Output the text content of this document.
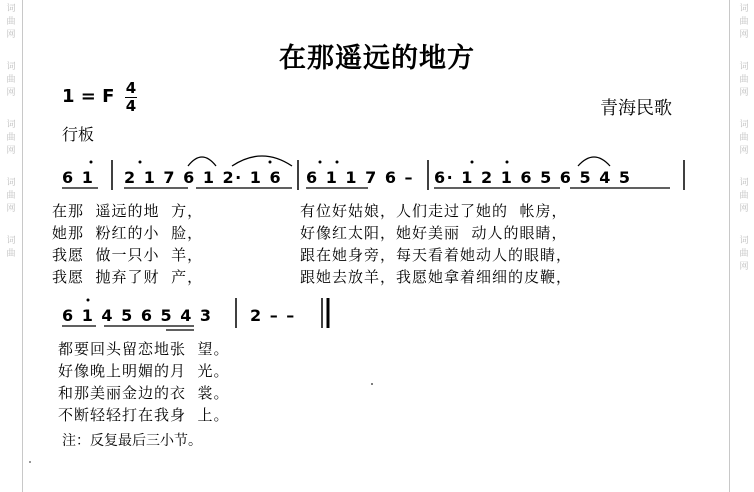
在那遥远的地方
1 = F 4
4	青海民歌
行板
6 1 2 1 7 6 1 2· 1 6 6 1 1 7 6 – 6· 1 2 1 6 5 6 5 4 5
在那  遥远的地  方，
她那  粉红的小  脸，
我愿  做一只小  羊，
我愿  抛弃了财  产，
有位好姑娘，人们走过了她的  帐房，
好像红太阳，她好美丽  动人的眼睛，
跟在她身旁，每天看着她动人的眼睛，
跟她去放羊，我愿她拿着细细的皮鞭，
6 1 4 5 6 5 4 3 2 – –
都要回头留恋地张  望。
好像晚上明媚的月  光。
和那美丽金边的衣  裳。
不断轻轻打在我身  上。
注：反复最后三小节。
词
曲
网
词
曲
网
词
曲
网
词
曲
网
词
曲
词
曲
网
词
曲
网
词
曲
网
词
曲
网
词
曲
网
